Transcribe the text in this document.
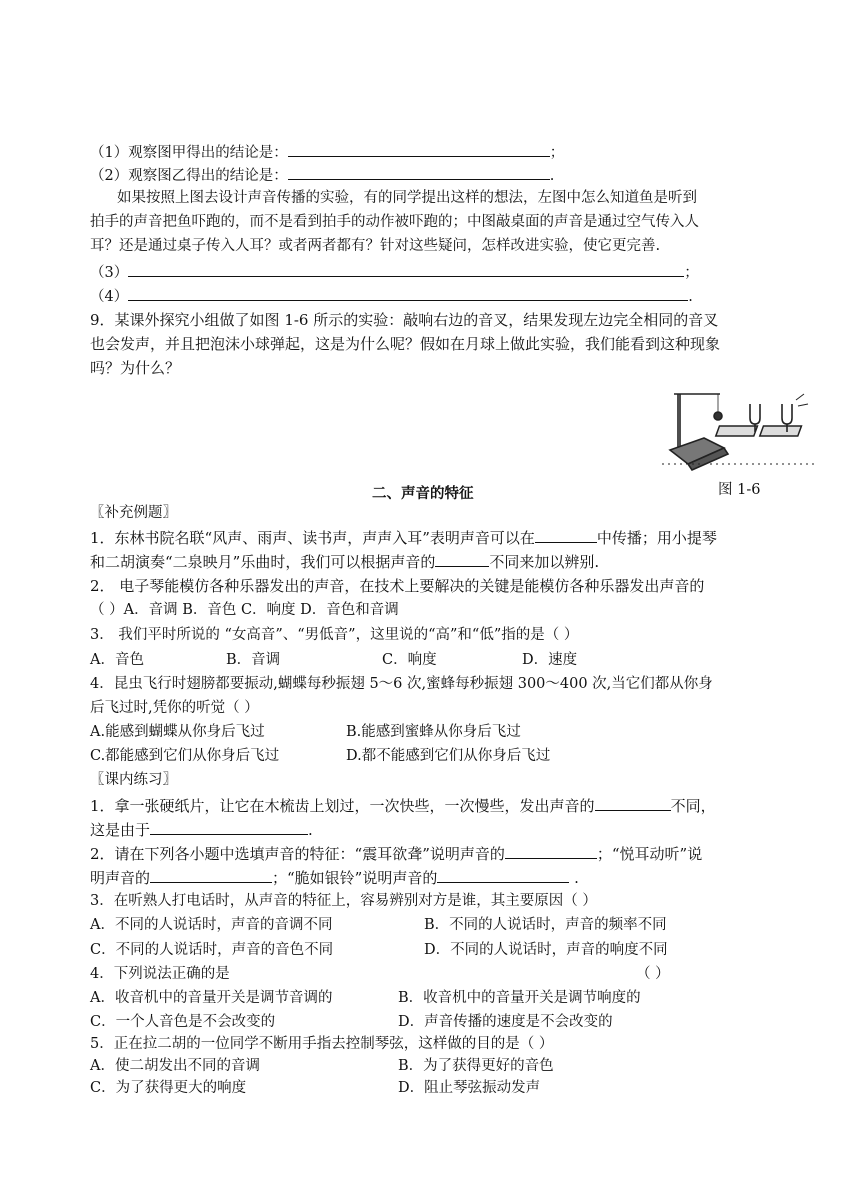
（1）观察图甲得出的结论是：	；
（2）观察图乙得出的结论是：	.
如果按照上图去设计声音传播的实验，有的同学提出这样的想法，左图中怎么知道鱼是听到
拍手的声音把鱼吓跑的，而不是看到拍手的动作被吓跑的；中图敲桌面的声音是通过空气传入人
耳？还是通过桌子传入人耳？或者两者都有？针对这些疑问，怎样改进实验，使它更完善.
（3）	；
（4）	.
9．某课外探究小组做了如图 1-6 所示的实验：敲响右边的音叉，结果发现左边完全相同的音叉
也会发声，并且把泡沫小球弹起，这是为什么呢？假如在月球上做此实验，我们能看到这种现象
吗？为什么？
图 1-6
二、声音的特征
〖补充例题〗
1．东林书院名联“风声、雨声、读书声，声声入耳”表明声音可以在	中传播；用小提琴
和二胡演奏“二泉映月”乐曲时，我们可以根据声音的	不同来加以辨别.
2． 电子琴能模仿各种乐器发出的声音，在技术上要解决的关键是能模仿各种乐器发出声音的
（ ）A．音调 B．音色 C．响度 D．音色和音调
3． 我们平时所说的 “女高音”、“男低音”，这里说的“高”和“低”指的是（ ）
A．音色	B．音调	C．响度	D．速度
4．昆虫飞行时翅膀都要振动,蝴蝶每秒振翅 5～6 次,蜜蜂每秒振翅 300～400 次,当它们都从你身
后飞过时,凭你的听觉（ ）
A.能感到蝴蝶从你身后飞过	B.能感到蜜蜂从你身后飞过
C.都能感到它们从你身后飞过	D.都不能感到它们从你身后飞过
〖课内练习〗
1．拿一张硬纸片，让它在木梳齿上划过，一次快些，一次慢些，发出声音的	不同，
这是由于	.
2．请在下列各小题中选填声音的特征：“震耳欲聋”说明声音的	；“悦耳动听”说
明声音的	；“脆如银铃”说明声音的	.
3．在听熟人打电话时，从声音的特征上，容易辨别对方是谁，其主要原因（ ）
A．不同的人说话时，声音的音调不同	B．不同的人说话时，声音的频率不同
C．不同的人说话时，声音的音色不同	D．不同的人说话时，声音的响度不同
4．下列说法正确的是	（ ）
A．收音机中的音量开关是调节音调的	B．收音机中的音量开关是调节响度的
C．一个人音色是不会改变的	D．声音传播的速度是不会改变的
5．正在拉二胡的一位同学不断用手指去控制琴弦，这样做的目的是（ ）
A．使二胡发出不同的音调	B．为了获得更好的音色
C．为了获得更大的响度	D．阻止琴弦振动发声
